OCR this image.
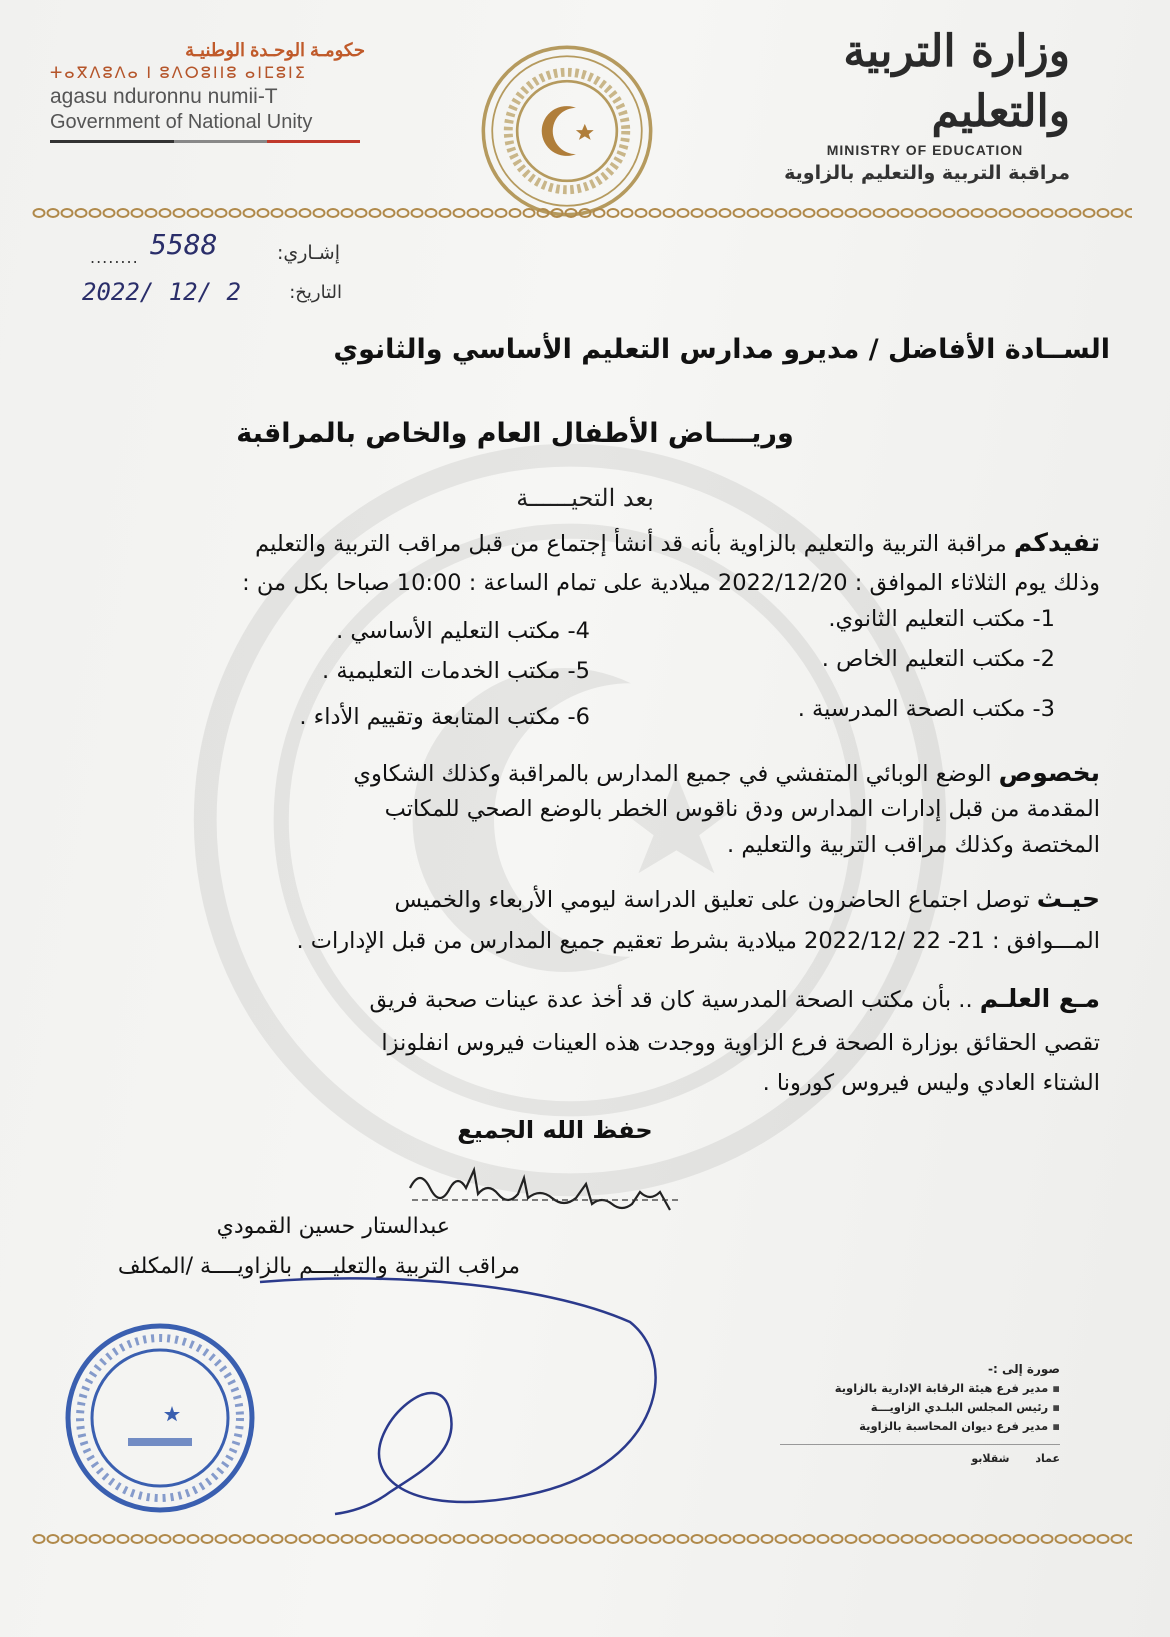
حكومـة الوحـدة الوطنيـة
ⵜⴰⴳⴷⵓⴷⴰ ⵏ ⵓⴷⵔⵓⵏⵏⵓ ⴰⵏⵎⵓⵏⵉ
agasu nduronnu numii-T
Government of National Unity
وزارة التربية والتعليم
MINISTRY OF EDUCATION
مراقبة التربية والتعليم بالزاوية
........ 5588	إشـاري:
2022/ 12/ 2	التاريخ:
الســادة الأفاضل / مديرو مدارس التعليم الأساسي والثانوي
وريــــاض الأطفال العام والخاص بالمراقبة
بعد التحيــــــة
تفيدكم مراقبة التربية والتعليم بالزاوية بأنه قد أنشأ إجتماع من قبل مراقب التربية والتعليم
وذلك يوم الثلاثاء الموافق : 2022/12/20 ميلادية على تمام الساعة : 10:00 صباحا بكل من :
1- مكتب التعليم الثانوي.
2- مكتب التعليم الخاص .
3- مكتب الصحة المدرسية .
4- مكتب التعليم الأساسي .
5- مكتب الخدمات التعليمية .
6- مكتب المتابعة وتقييم الأداء .
بخصوص الوضع الوبائي المتفشي في جميع المدارس بالمراقبة وكذلك الشكاوي
المقدمة من قبل إدارات المدارس ودق ناقوس الخطر بالوضع الصحي للمكاتب
المختصة وكذلك مراقب التربية والتعليم .
حيـث توصل اجتماع الحاضرون على تعليق الدراسة ليومي الأربعاء والخميس
المـــوافق : 21- 22 /2022/12 ميلادية بشرط تعقيم جميع المدارس من قبل الإدارات .
مـع العلـم .. بأن مكتب الصحة المدرسية كان قد أخذ عدة عينات صحبة فريق
تقصي الحقائق بوزارة الصحة فرع الزاوية ووجدت هذه العينات فيروس انفلونزا
الشتاء العادي وليس فيروس كورونا .
حفظ الله الجميع
عبدالستار حسين القمودي
مراقب التربية والتعليـــم بالزاويــــة /المكلف
صورة إلى :-
▪ مدير فرع هيئة الرقابة الإدارية بالزاوية
▪ رئيس المجلس البلـدي الزاويـــة
▪ مدير فرع ديوان المحاسبة بالزاوية
عماد شقلابو
